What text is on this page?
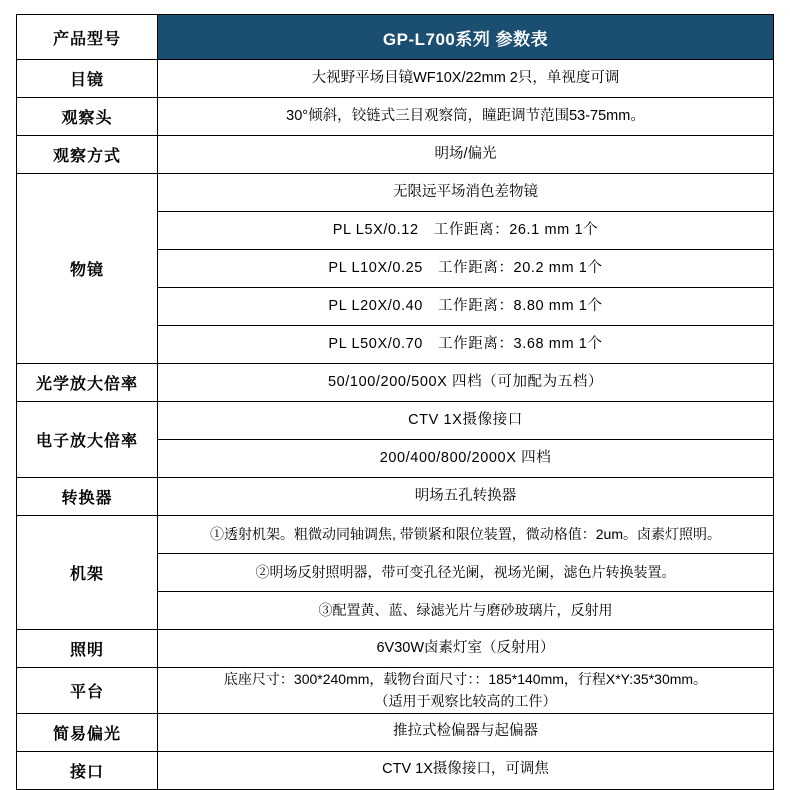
产品型号	GP-L700系列 参数表
目镜	大视野平场目镜WF10X/22mm 2只，单视度可调
观察头	30°倾斜，铰链式三目观察筒，瞳距调节范围53-75mm。
观察方式	明场/偏光
物镜	无限远平场消色差物镜
	PL L5X/0.12　工作距离：26.1 mm 1个
	PL L10X/0.25　工作距离：20.2 mm 1个
	PL L20X/0.40　工作距离：8.80 mm 1个
	PL L50X/0.70　工作距离：3.68 mm 1个
光学放大倍率	50/100/200/500X 四档（可加配为五档）
电子放大倍率	CTV 1X摄像接口
	200/400/800/2000X 四档
转换器	明场五孔转换器
机架	①透射机架。粗微动同轴调焦, 带锁紧和限位装置，微动格值：2um。卤素灯照明。
	②明场反射照明器，带可变孔径光阑，视场光阑，滤色片转换装置。
	③配置黄、蓝、绿滤光片与磨砂玻璃片，反射用
照明	6V30W卤素灯室（反射用）
平台	底座尺寸：300*240mm，载物台面尺寸：：185*140mm，行程X*Y:35*30mm。
（适用于观察比较高的工件）

简易偏光	推拉式检偏器与起偏器
接口	CTV 1X摄像接口，可调焦
